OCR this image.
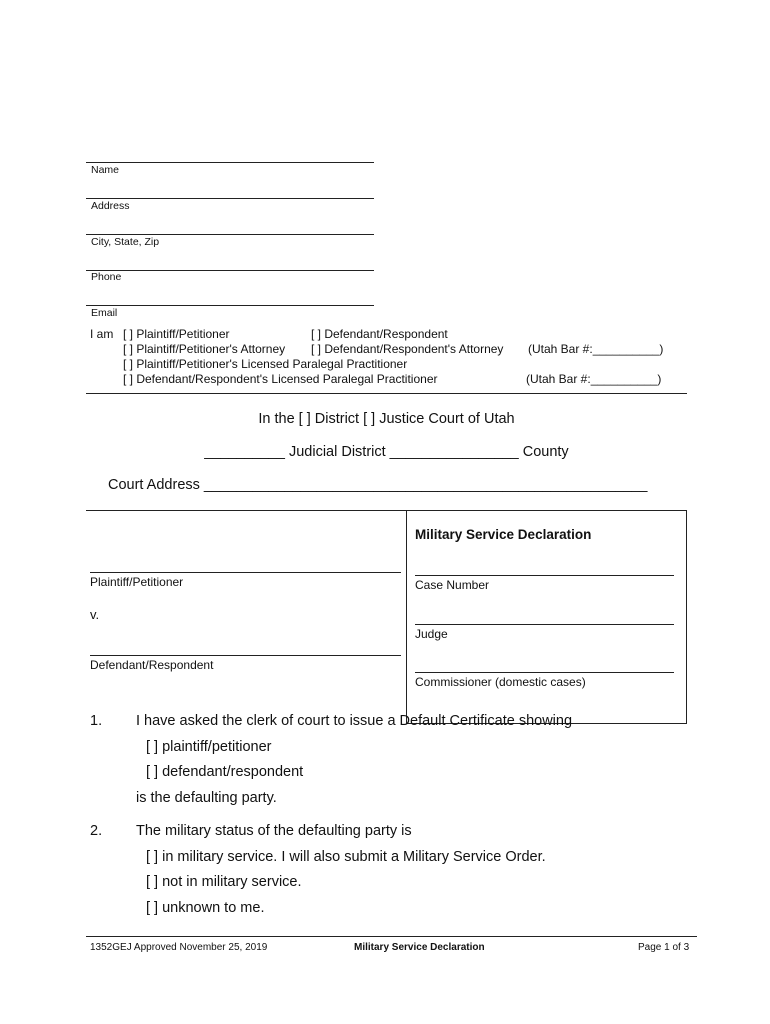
Name
Address
City, State, Zip
Phone
Email
I am [ ] Plaintiff/Petitioner	[ ] Defendant/Respondent
[ ] Plaintiff/Petitioner's Attorney [ ] Defendant/Respondent's Attorney (Utah Bar #:__________)
[ ] Plaintiff/Petitioner's Licensed Paralegal Practitioner
[ ] Defendant/Respondent's Licensed Paralegal Practitioner	(Utah Bar #:__________)
In the [ ] District [ ] Justice Court of Utah
__________ Judicial District ________________ County
Court Address _______________________________________________________
Plaintiff/Petitioner
v.
Defendant/Respondent
Military Service Declaration
Case Number
Judge
Commissioner (domestic cases)
1. I have asked the clerk of court to issue a Default Certificate showing
[ ] plaintiff/petitioner
[ ] defendant/respondent
is the defaulting party.
2. The military status of the defaulting party is
[ ] in military service. I will also submit a Military Service Order.
[ ] not in military service.
[ ] unknown to me.
1352GEJ Approved November 25, 2019	Military Service Declaration	Page 1 of 3
